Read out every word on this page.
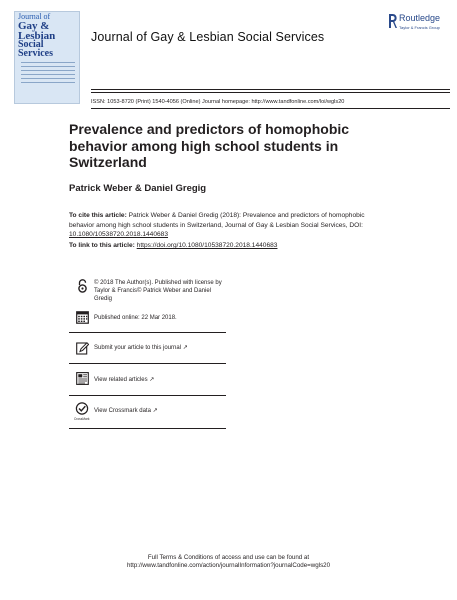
Journal of
Gay & Lesbian
Social Services
Journal of Gay & Lesbian Social Services
Routledge
Taylor & Francis Group
ISSN: 1053-8720 (Print) 1540-4056 (Online) Journal homepage: http://www.tandfonline.com/loi/wgls20
Prevalence and predictors of homophobic behavior among high school students in Switzerland
Patrick Weber & Daniel Gregig
To cite this article: Patrick Weber & Daniel Gredig (2018): Prevalence and predictors of homophobic behavior among high school students in Switzerland, Journal of Gay & Lesbian Social Services, DOI: 10.1080/10538720.2018.1440683
To link to this article: https://doi.org/10.1080/10538720.2018.1440683
© 2018 The Author(s). Published with license by Taylor & Francis© Patrick Weber and Daniel Gredig
Published online: 22 Mar 2018.
Submit your article to this journal ↗
View related articles ↗
CrossMark
View Crossmark data ↗
Full Terms & Conditions of access and use can be found at
http://www.tandfonline.com/action/journalInformation?journalCode=wgls20
